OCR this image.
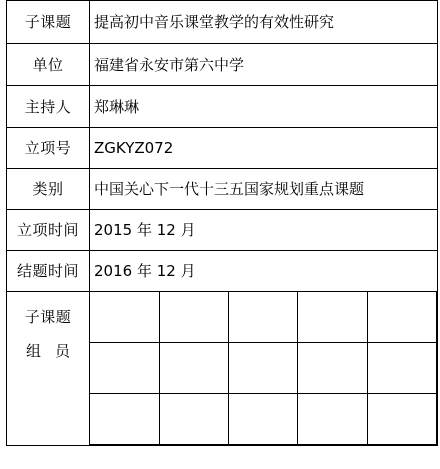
子课题	提高初中音乐课堂教学的有效性研究
单位	福建省永安市第六中学
主持人	郑琳琳
立项号	ZGKYZ072
类别	中国关心下一代十三五国家规划重点课题
立项时间	2015 年 12 月
结题时间	2016 年 12 月

子课题
组员
